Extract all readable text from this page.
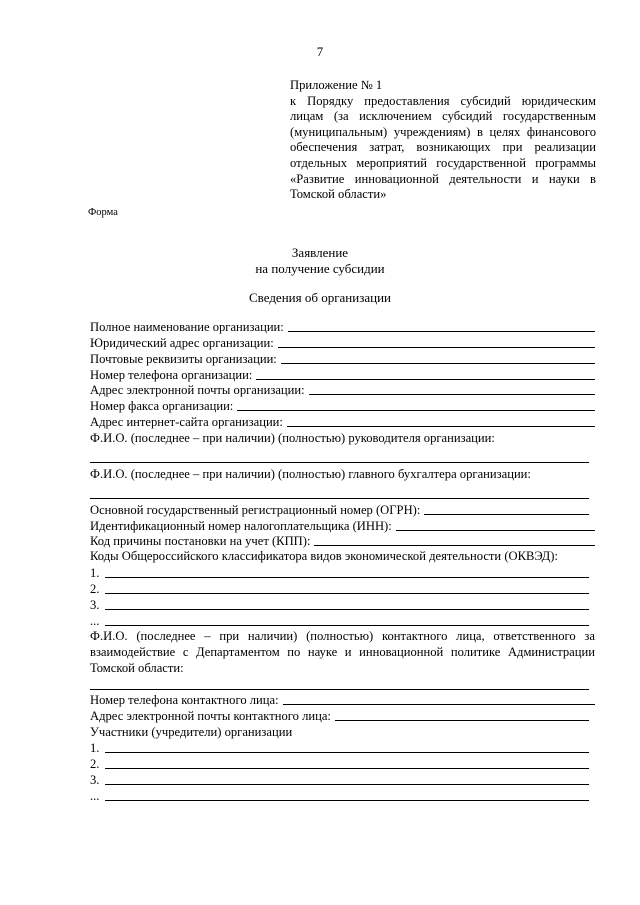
7
Приложение № 1
к Порядку предоставления субсидий юридическим лицам (за исключением субсидий государственным (муниципальным) учреждениям) в целях финансового обеспечения затрат, возникающих при реализации отдельных мероприятий государственной программы «Развитие инновационной деятельности и науки в Томской области»
Форма
Заявление
на получение субсидии
Сведения об организации
Полное наименование организации:
Юридический адрес организации:
Почтовые реквизиты организации:
Номер телефона организации:
Адрес электронной почты организации:
Номер факса организации:
Адрес интернет-сайта организации:
Ф.И.О. (последнее – при наличии) (полностью) руководителя организации:
Ф.И.О. (последнее – при наличии) (полностью) главного бухгалтера организации:
Основной государственный регистрационный номер (ОГРН):
Идентификационный номер налогоплательщика (ИНН):
Код причины постановки на учет (КПП):
Коды Общероссийского классификатора видов экономической деятельности (ОКВЭД):
1.
2.
3.
...
Ф.И.О. (последнее – при наличии) (полностью) контактного лица, ответственного за взаимодействие с Департаментом по науке и инновационной политике Администрации Томской области:
Номер телефона контактного лица:
Адрес электронной почты контактного лица:
Участники (учредители) организации
1.
2.
3.
...
